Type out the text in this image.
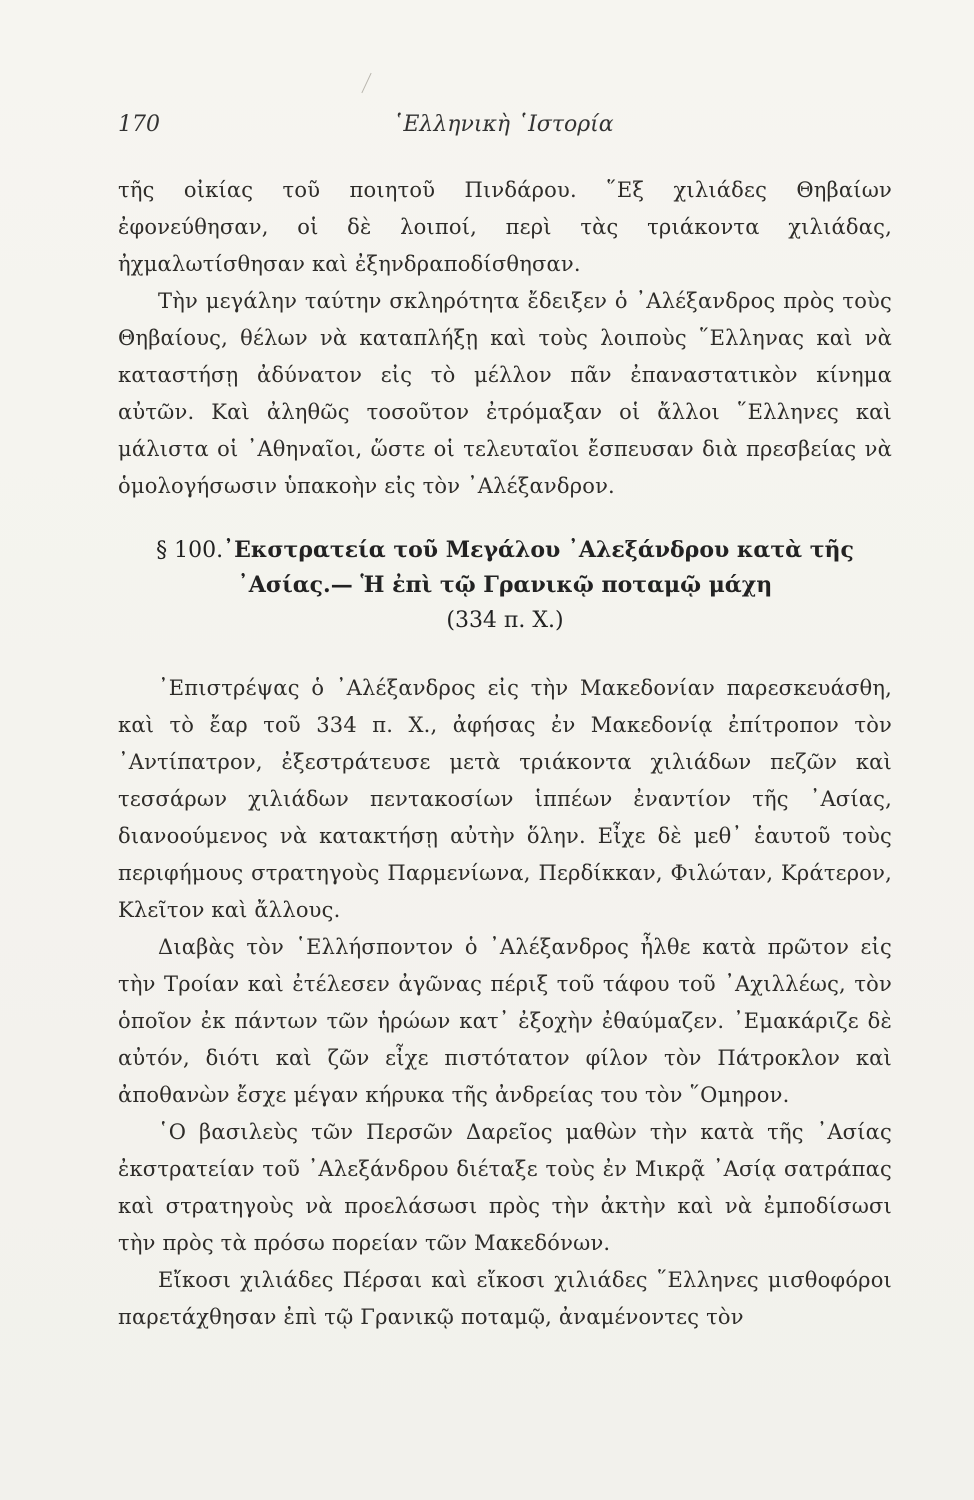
170	῾Ελληνικὴ ῾Ιστορία

τῆς οἰκίας τοῦ ποιητοῦ Πινδάρου. ῞Εξ χιλιάδες Θηβαίων ἐφονεύθησαν, οἱ δὲ λοιποί, περὶ τὰς τριάκοντα χιλιάδας, ἠχμαλωτίσθησαν καὶ ἐξηνδραποδίσθησαν.

Τὴν μεγάλην ταύτην σκληρότητα ἔδειξεν ὁ ᾿Αλέξανδρος πρὸς τοὺς Θηβαίους, θέλων νὰ καταπλήξῃ καὶ τοὺς λοιποὺς ῞Ελληνας καὶ νὰ καταστήσῃ ἀδύνατον εἰς τὸ μέλλον πᾶν ἐπαναστατικὸν κίνημα αὐτῶν. Καὶ ἀληθῶς τοσοῦτον ἐτρόμαξαν οἱ ἄλλοι ῞Ελληνες καὶ μάλιστα οἱ ᾿Αθηναῖοι, ὥστε οἱ τελευταῖοι ἔσπευσαν διὰ πρεσβείας νὰ ὁμολογήσωσιν ὑπακοὴν εἰς τὸν ᾿Αλέξανδρον.

§ 100.᾿Εκστρατεία τοῦ Μεγάλου ᾿Αλεξάνδρου κατὰ τῆς ᾿Ασίας.— Ἡ ἐπὶ τῷ Γρανικῷ ποταμῷ μάχη
(334 π. Χ.)

᾿Επιστρέψας ὁ ᾿Αλέξανδρος εἰς τὴν Μακεδονίαν παρεσκευάσθη, καὶ τὸ ἔαρ τοῦ 334 π. Χ., ἀφήσας ἐν Μακεδονίᾳ ἐπίτροπον τὸν ᾿Αντίπατρον, ἐξεστράτευσε μετὰ τριάκοντα χιλιάδων πεζῶν καὶ τεσσάρων χιλιάδων πεντακοσίων ἱππέων ἐναντίον τῆς ᾿Ασίας, διανοούμενος νὰ κατακτήσῃ αὐτὴν ὅλην. Εἶχε δὲ μεθ᾿ ἑαυτοῦ τοὺς περιφήμους στρατηγοὺς Παρμενίωνα, Περδίκκαν, Φιλώταν, Κράτερον, Κλεῖτον καὶ ἄλλους.

Διαβὰς τὸν ῾Ελλήσποντον ὁ ᾿Αλέξανδρος ἦλθε κατὰ πρῶτον εἰς τὴν Τροίαν καὶ ἐτέλεσεν ἀγῶνας πέριξ τοῦ τάφου τοῦ ᾿Αχιλλέως, τὸν ὁποῖον ἐκ πάντων τῶν ἡρώων κατ᾿ ἐξοχὴν ἐθαύμαζεν. ᾿Εμακάριζε δὲ αὐτόν, διότι καὶ ζῶν εἶχε πιστότατον φίλον τὸν Πάτροκλον καὶ ἀποθανὼν ἔσχε μέγαν κήρυκα τῆς ἀνδρείας του τὸν ῞Ομηρον.

῾Ο βασιλεὺς τῶν Περσῶν Δαρεῖος μαθὼν τὴν κατὰ τῆς ᾿Ασίας ἐκστρατείαν τοῦ ᾿Αλεξάνδρου διέταξε τοὺς ἐν Μικρᾷ ᾿Ασίᾳ σατράπας καὶ στρατηγοὺς νὰ προελάσωσι πρὸς τὴν ἀκτὴν καὶ νὰ ἐμποδίσωσι τὴν πρὸς τὰ πρόσω πορείαν τῶν Μακεδόνων.

Εἴκοσι χιλιάδες Πέρσαι καὶ εἴκοσι χιλιάδες ῞Ελληνες μισθοφόροι παρετάχθησαν ἐπὶ τῷ Γρανικῷ ποταμῷ, ἀναμένοντες τὸν
